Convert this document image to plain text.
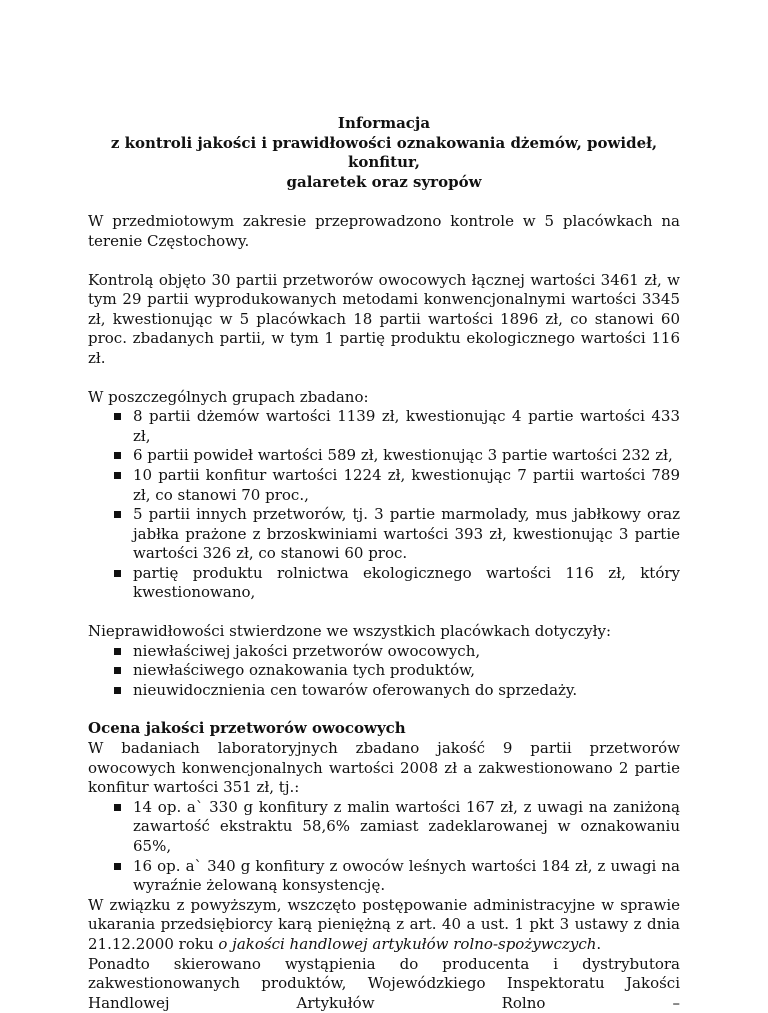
Informacja
z kontroli jakości i prawidłowości oznakowania dżemów, powideł, konfitur,
galaretek oraz syropów

W przedmiotowym zakresie przeprowadzono kontrole w 5 placówkach na terenie Częstochowy.

Kontrolą objęto 30 partii przetworów owocowych łącznej wartości 3461 zł, w tym 29 partii wyprodukowanych metodami konwencjonalnymi wartości 3345 zł, kwestionując w 5 placówkach 18 partii wartości 1896 zł, co stanowi 60 proc. zbadanych partii, w tym 1 partię produktu ekologicznego wartości 116 zł.

W poszczególnych grupach zbadano:

8 partii dżemów wartości 1139 zł, kwestionując 4 partie wartości 433 zł,
6 partii powideł wartości 589 zł, kwestionując 3 partie wartości 232 zł,
10 partii konfitur wartości 1224 zł, kwestionując 7 partii wartości 789 zł, co stanowi 70 proc.,
5 partii innych przetworów, tj. 3 partie marmolady, mus jabłkowy oraz jabłka prażone z brzoskwiniami wartości 393 zł, kwestionując 3 partie wartości 326 zł, co stanowi 60 proc.
partię produktu rolnictwa ekologicznego wartości 116 zł, który kwestionowano,

Nieprawidłowości stwierdzone we wszystkich placówkach dotyczyły:

niewłaściwej jakości przetworów owocowych,
niewłaściwego oznakowania tych produktów,
nieuwidocznienia cen towarów oferowanych do sprzedaży.
Ocena jakości przetworów owocowych

W badaniach laboratoryjnych zbadano jakość 9 partii przetworów owocowych konwencjonalnych wartości 2008 zł a zakwestionowano 2 partie konfitur wartości 351 zł, tj.:

14 op. a` 330 g konfitury z malin wartości 167 zł, z uwagi na zaniżoną zawartość ekstraktu 58,6% zamiast zadeklarowanej w oznakowaniu 65%,
16 op. a` 340 g konfitury z owoców leśnych wartości 184 zł, z uwagi na wyraźnie żelowaną konsystencję.

W związku z powyższym, wszczęto postępowanie administracyjne w sprawie ukarania przedsiębiorcy karą pieniężną z art. 40 a ust. 1 pkt 3 ustawy z dnia 21.12.2000 roku o jakości handlowej artykułów rolno-spożywczych.

Ponadto skierowano wystąpienia do producenta i dystrybutora zakwestionowanych produktów, Wojewódzkiego Inspektoratu Jakości Handlowej Artykułów Rolno –
